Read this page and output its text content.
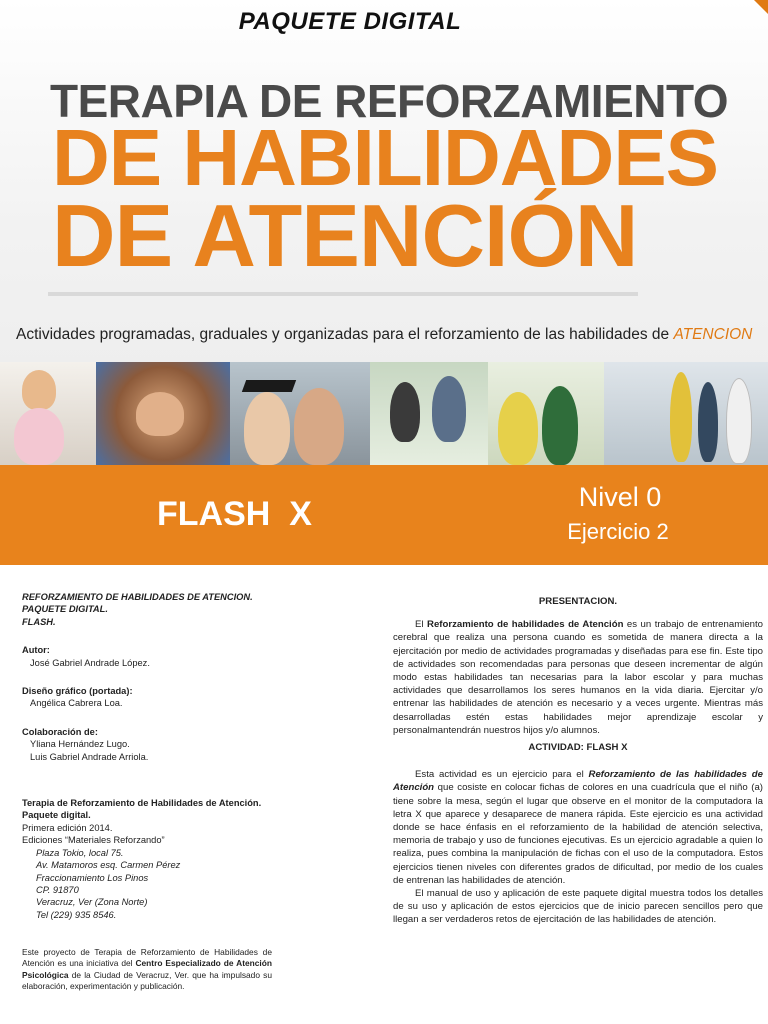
PAQUETE DIGITAL
TERAPIA DE REFORZAMIENTO
DE HABILIDADES
DE ATENCIÓN
Actividades programadas, graduales y organizadas para el reforzamiento de las habilidades de ATENCION
FLASH  X	Nivel 0
Ejercicio 2
REFORZAMIENTO DE HABILIDADES DE ATENCION.
PAQUETE DIGITAL.
FLASH.
Autor:
José Gabriel Andrade López.
Diseño gráfico (portada):
Angélica Cabrera Loa.
Colaboración de:
Yliana Hernández Lugo.
Luis Gabriel Andrade Arriola.
Terapia de Reforzamiento de Habilidades de Atención.
Paquete digital.
Primera edición 2014.
Ediciones “Materiales Reforzando”
Plaza Tokio, local 75.
Av. Matamoros esq. Carmen Pérez
Fraccionamiento Los Pinos
CP. 91870
Veracruz, Ver (Zona Norte)
Tel (229) 935 8546.
Este proyecto de Terapia de Reforzamiento de Habilidades de Atención es una iniciativa del Centro Especializado de Atención Psicológica de la Ciudad de Veracruz, Ver. que ha impulsado su elaboración, experimentación y publicación.
PRESENTACION.

El Reforzamiento de habilidades de Atención es un trabajo de entrenamiento cerebral que realiza una persona cuando es sometida de manera directa a la ejercitación por medio de actividades programadas y diseñadas para ese fin. Este tipo de actividades son recomendadas para personas que deseen incrementar de algún modo estas habilidades tan necesarias para la labor escolar y para muchas actividades que desarrollamos los seres humanos en la vida diaria. Ejercitar y/o entrenar las habilidades de atención es necesario y a veces urgente. Mientras más desarrolladas estén estas habilidades mejor aprendizaje escolar y personalmantendrán nuestros hijos y/o alumnos.

ACTIVIDAD: FLASH X

Esta actividad es un ejercicio para el Reforzamiento de las habilidades de Atención que cosiste en colocar fichas de colores en una cuadrícula que el niño (a) tiene sobre la mesa, según el lugar que observe en el monitor de la computadora la letra X que aparece y desaparece de manera rápida. Este ejercicio es una actividad donde se hace énfasis en el reforzamiento de la habilidad de atención selectiva, memoria de trabajo y uso de funciones ejecutivas. Es un ejercicio agradable a quien lo realiza, pues combina la manipulación de fichas con el uso de la computadora. Estos ejercicios tienen niveles con diferentes grados de dificultad, por medio de los cuales de entrenan las habilidades de atención.

El manual de uso y aplicación de este paquete digital muestra todos los detalles de su uso y aplicación de estos ejercicios que de inicio parecen sencillos pero que llegan a ser verdaderos retos de ejercitación de las habilidades de atención.
